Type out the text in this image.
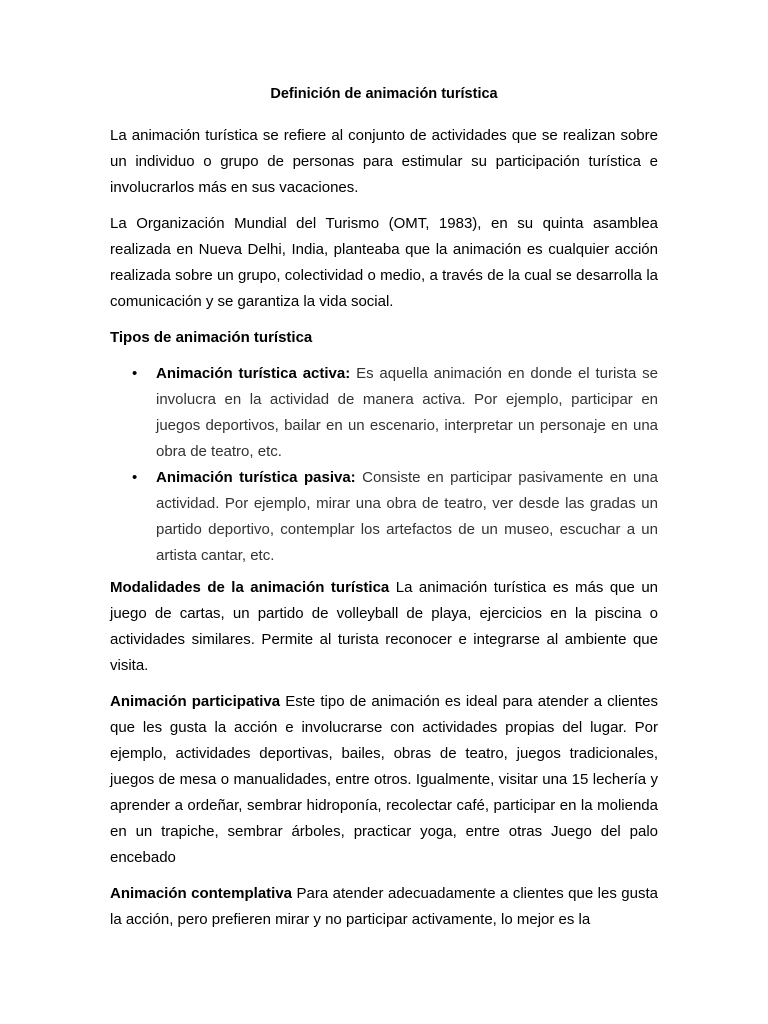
Definición de animación turística

La animación turística se refiere al conjunto de actividades que se realizan sobre un individuo o grupo de personas para estimular su participación turística e involucrarlos más en sus vacaciones.

La Organización Mundial del Turismo (OMT, 1983), en su quinta asamblea realizada en Nueva Delhi, India, planteaba que la animación es cualquier acción realizada sobre un grupo, colectividad o medio, a través de la cual se desarrolla la comunicación y se garantiza la vida social.

Tipos de animación turística

• Animación turística activa: Es aquella animación en donde el turista se involucra en la actividad de manera activa. Por ejemplo, participar en juegos deportivos, bailar en un escenario, interpretar un personaje en una obra de teatro, etc.
• Animación turística pasiva: Consiste en participar pasivamente en una actividad. Por ejemplo, mirar una obra de teatro, ver desde las gradas un partido deportivo, contemplar los artefactos de un museo, escuchar a un artista cantar, etc.

Modalidades de la animación turística La animación turística es más que un juego de cartas, un partido de volleyball de playa, ejercicios en la piscina o actividades similares. Permite al turista reconocer e integrarse al ambiente que visita.

Animación participativa Este tipo de animación es ideal para atender a clientes que les gusta la acción e involucrarse con actividades propias del lugar. Por ejemplo, actividades deportivas, bailes, obras de teatro, juegos tradicionales, juegos de mesa o manualidades, entre otros. Igualmente, visitar una 15 lechería y aprender a ordeñar, sembrar hidroponía, recolectar café, participar en la molienda en un trapiche, sembrar árboles, practicar yoga, entre otras Juego del palo encebado

Animación contemplativa Para atender adecuadamente a clientes que les gusta la acción, pero prefieren mirar y no participar activamente, lo mejor es la
